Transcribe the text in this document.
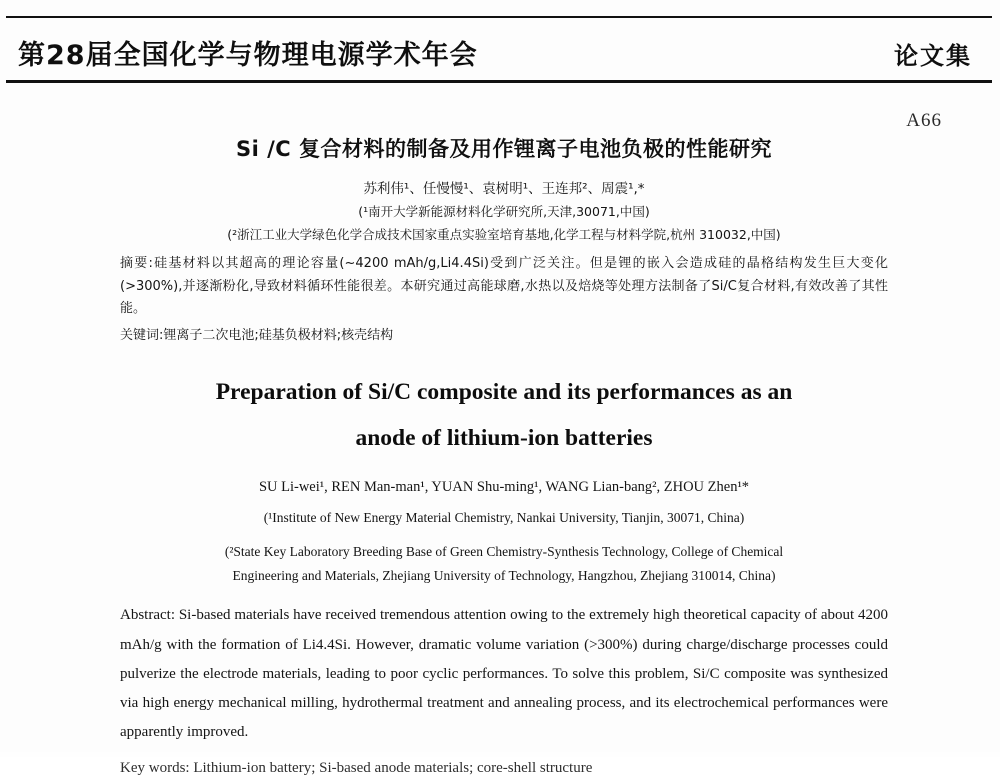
第28届全国化学与物理电源学术年会	论文集
A66
Si /C 复合材料的制备及用作锂离子电池负极的性能研究
苏利伟¹、任慢慢¹、袁树明¹、王连邦²、周震¹,*
(¹南开大学新能源材料化学研究所,天津,30071,中国)
(²浙江工业大学绿色化学合成技术国家重点实验室培育基地,化学工程与材料学院,杭州 310032,中国)
摘要:硅基材料以其超高的理论容量(~4200 mAh/g,Li4.4Si)受到广泛关注。但是锂的嵌入会造成硅的晶格结构发生巨大变化(>300%),并逐渐粉化,导致材料循环性能很差。本研究通过高能球磨,水热以及焙烧等处理方法制备了Si/C复合材料,有效改善了其性能。
关键词:锂离子二次电池;硅基负极材料;核壳结构
Preparation of Si/C composite and its performances as an
anode of lithium-ion batteries
SU Li-wei¹, REN Man-man¹, YUAN Shu-ming¹, WANG Lian-bang², ZHOU Zhen¹*
(¹Institute of New Energy Material Chemistry, Nankai University, Tianjin, 30071, China)
(²State Key Laboratory Breeding Base of Green Chemistry-Synthesis Technology, College of Chemical
Engineering and Materials, Zhejiang University of Technology, Hangzhou, Zhejiang 310014, China)
Abstract: Si-based materials have received tremendous attention owing to the extremely high theoretical capacity of about 4200 mAh/g with the formation of Li4.4Si. However, dramatic volume variation (>300%) during charge/discharge processes could pulverize the electrode materials, leading to poor cyclic performances. To solve this problem, Si/C composite was synthesized via high energy mechanical milling, hydrothermal treatment and annealing process, and its electrochemical performances were apparently improved.
Key words: Lithium-ion battery; Si-based anode materials; core-shell structure
